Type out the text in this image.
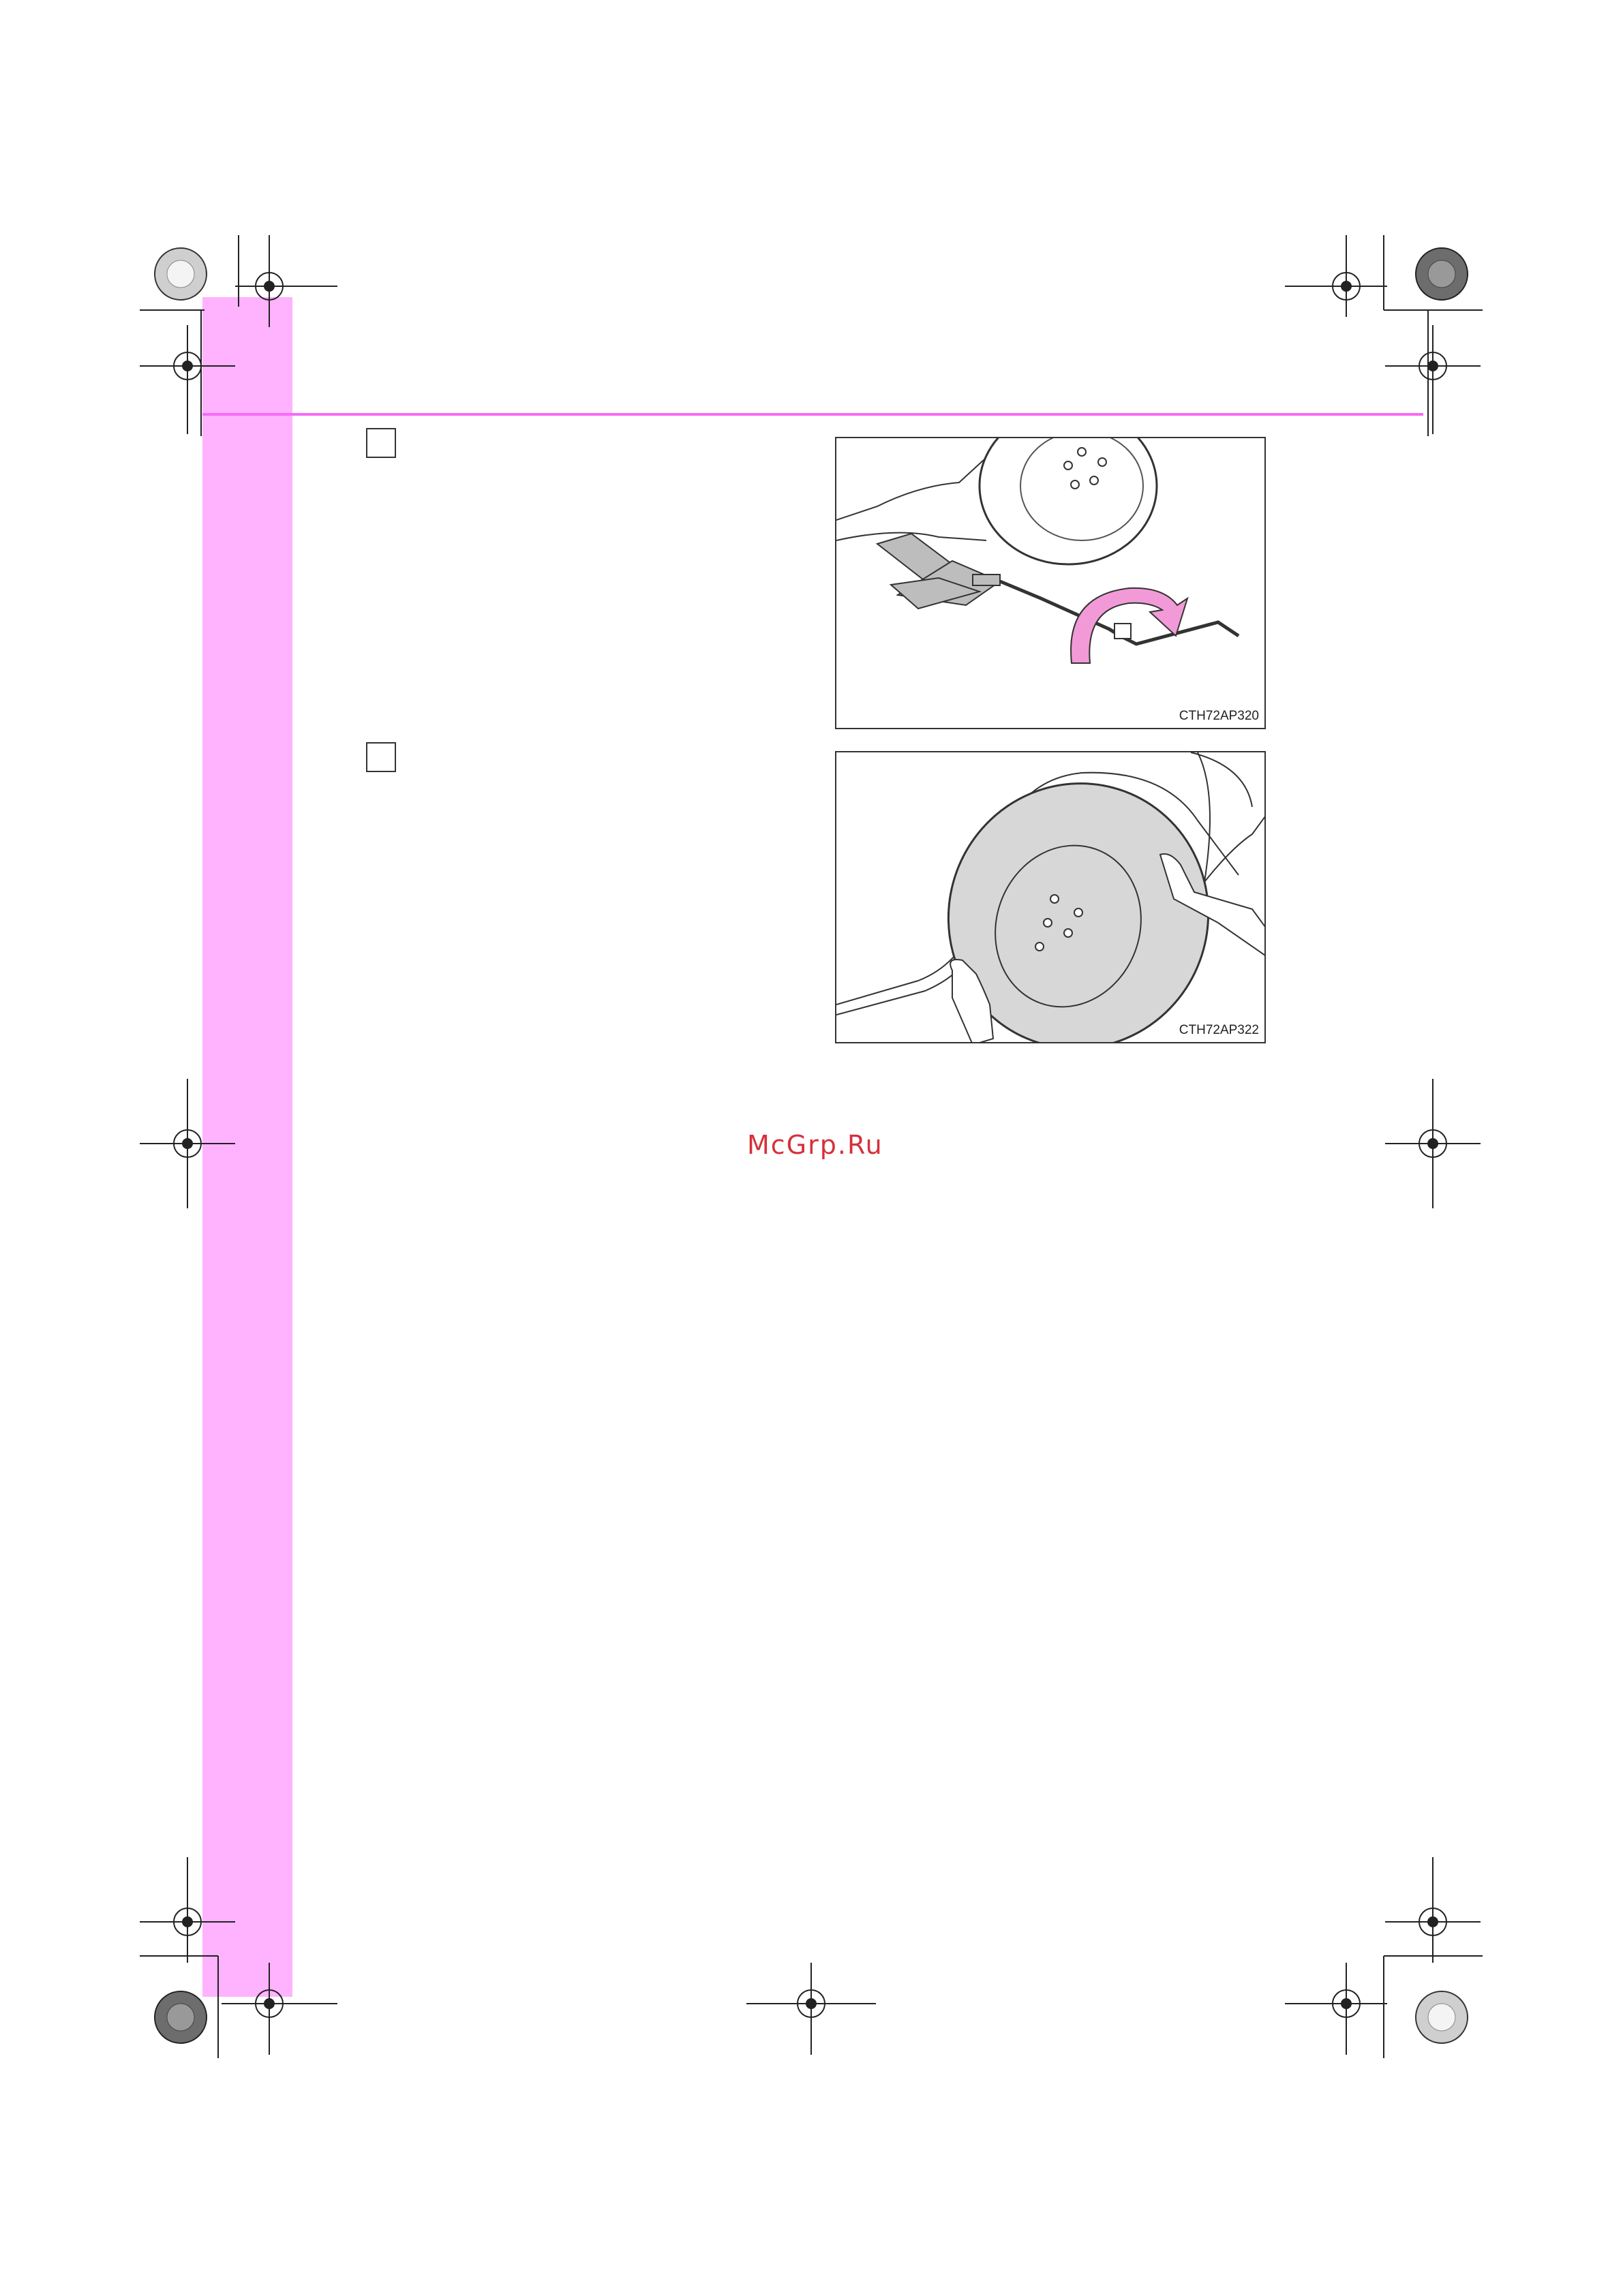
CTH72AP320
CTH72AP322
McGrp.Ru
